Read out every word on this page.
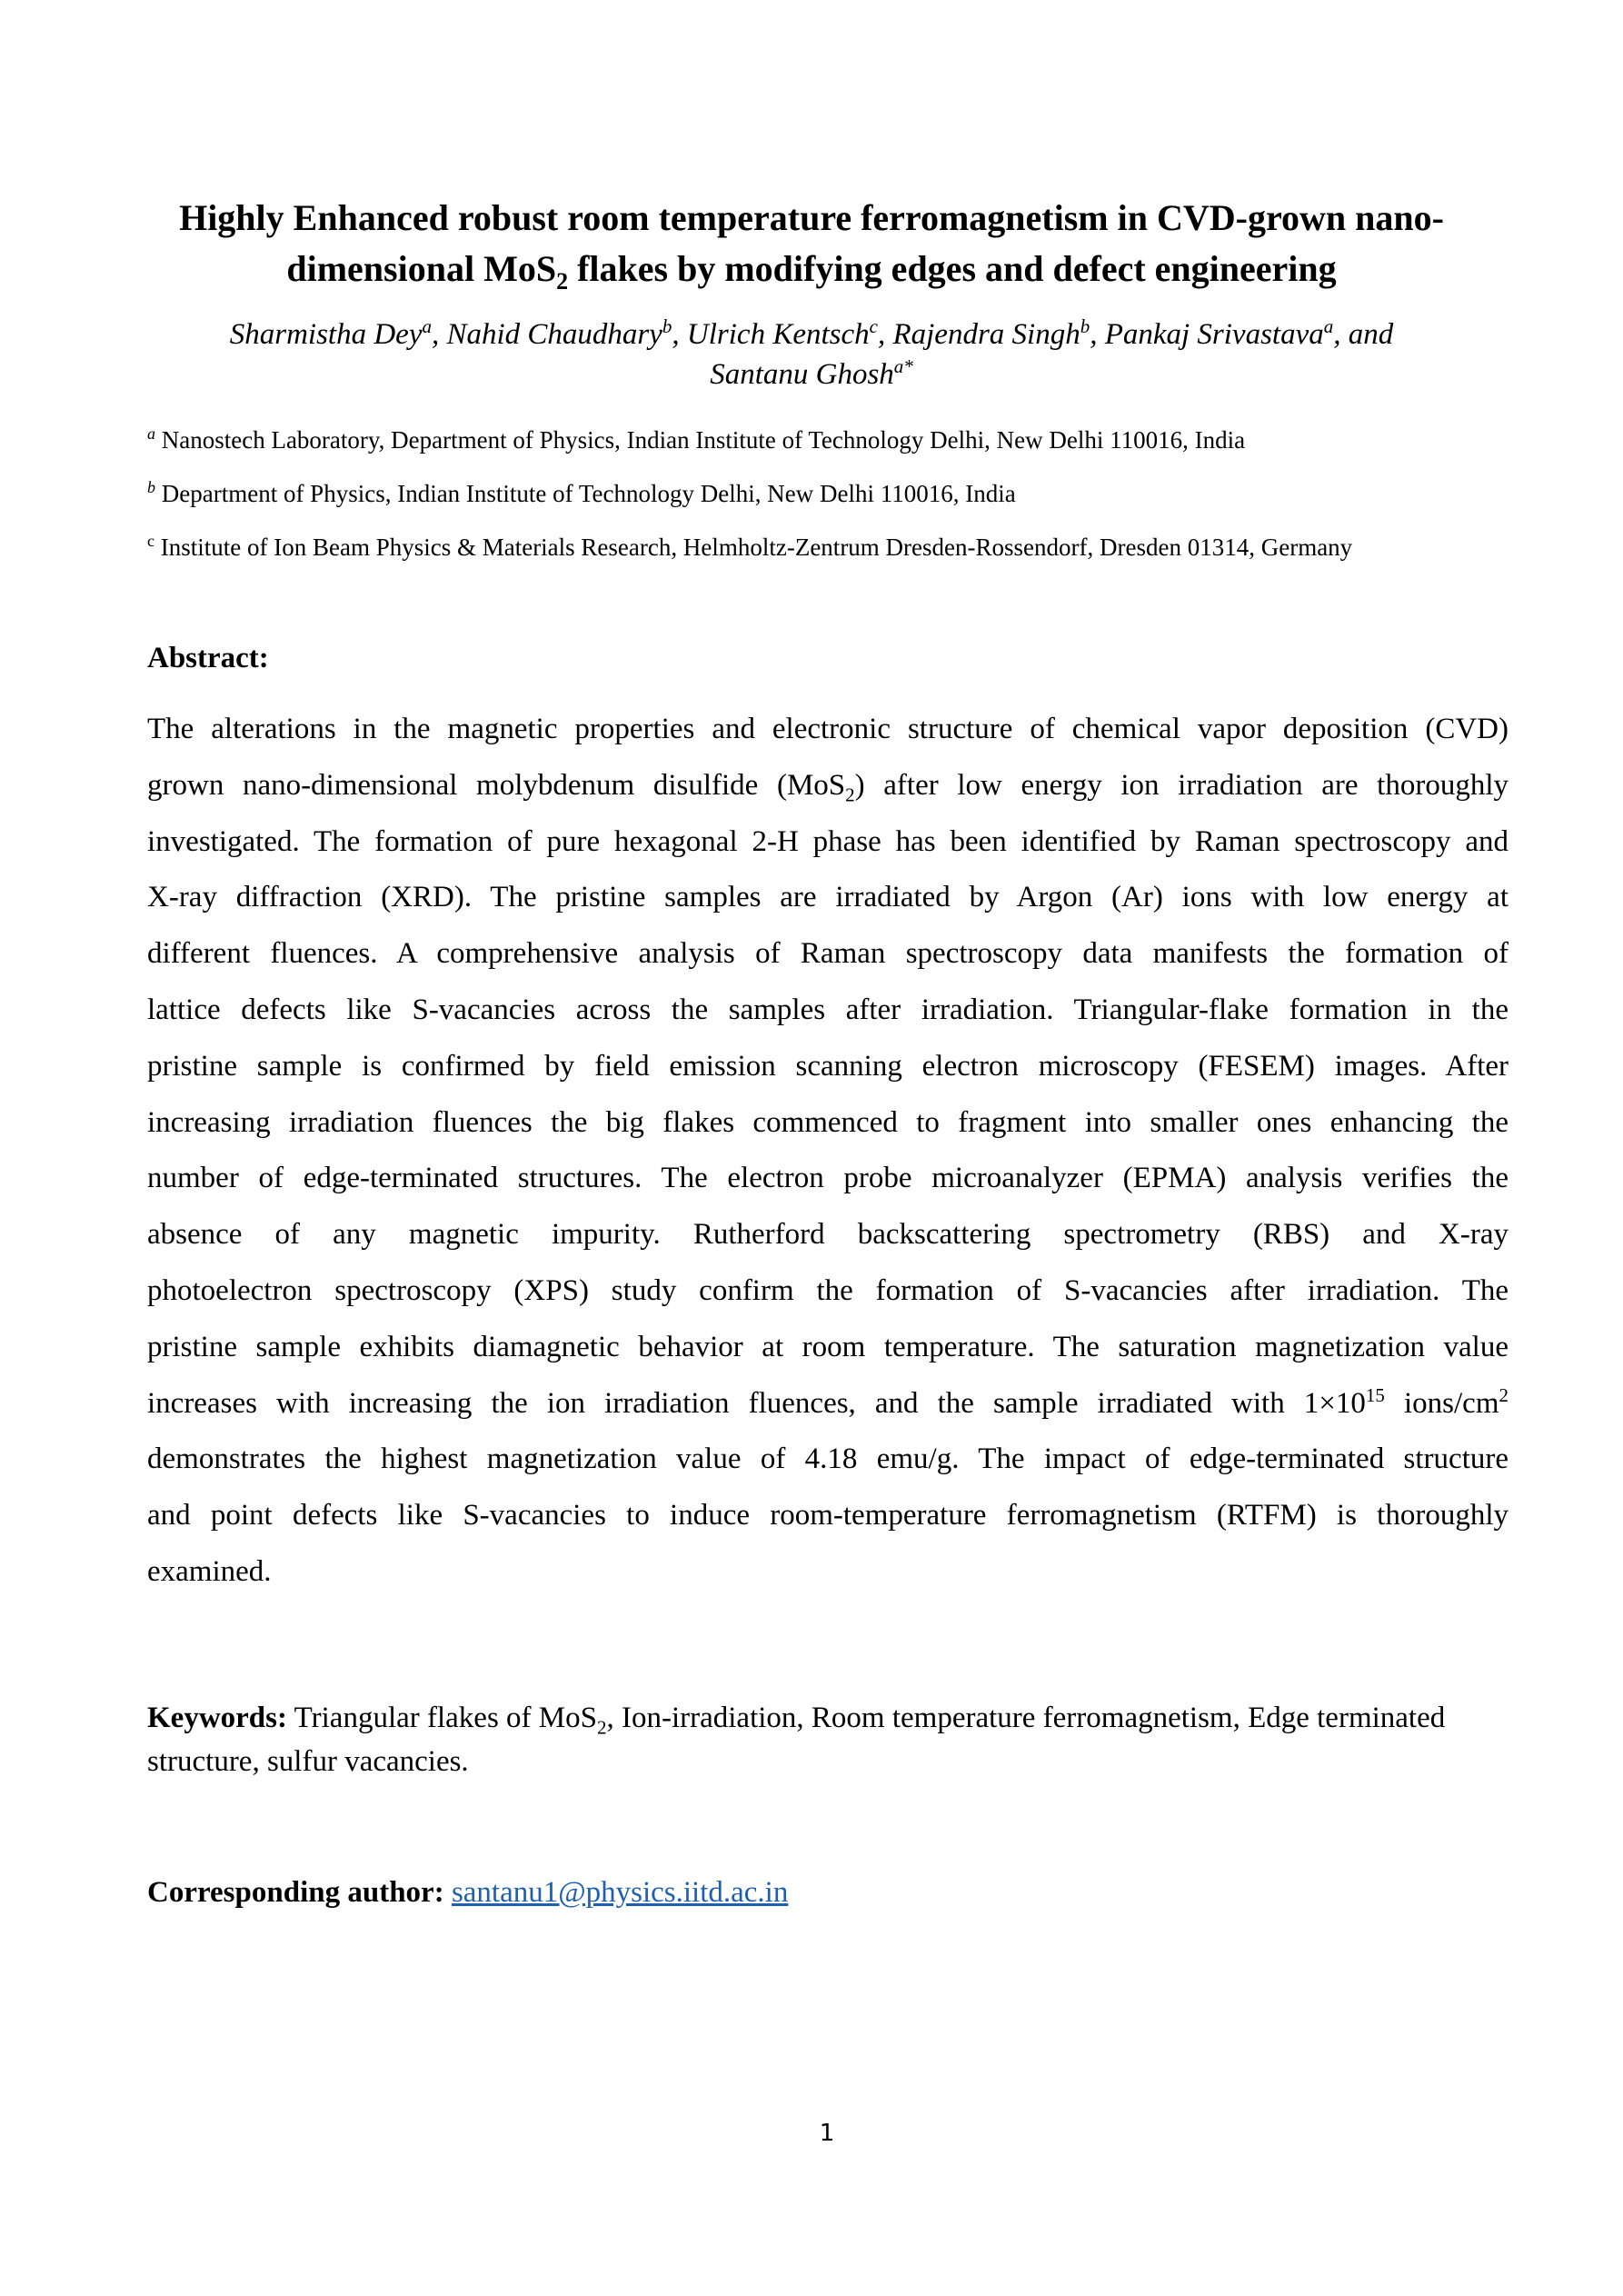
Highly Enhanced robust room temperature ferromagnetism in CVD-grown nano-
dimensional MoS$_2$ flakes by modifying edges and defect engineering
Sharmistha Dey$^a$, Nahid Chaudhary$^b$, Ulrich Kentsch$^c$, Rajendra Singh$^b$, Pankaj Srivastava$^a$, and
Santanu Ghosh$^{a*}$
$^a$ Nanostech Laboratory, Department of Physics, Indian Institute of Technology Delhi, New Delhi 110016, India
$^b$ Department of Physics, Indian Institute of Technology Delhi, New Delhi 110016, India
$^c$ Institute of Ion Beam Physics & Materials Research, Helmholtz-Zentrum Dresden-Rossendorf, Dresden 01314, Germany
Abstract:
The alterations in the magnetic properties and electronic structure of chemical vapor deposition (CVD)
grown nano-dimensional molybdenum disulfide (MoS$_2$) after low energy ion irradiation are thoroughly
investigated. The formation of pure hexagonal 2-H phase has been identified by Raman spectroscopy and
X-ray diffraction (XRD). The pristine samples are irradiated by Argon (Ar) ions with low energy at
different fluences. A comprehensive analysis of Raman spectroscopy data manifests the formation of
lattice defects like S-vacancies across the samples after irradiation. Triangular-flake formation in the
pristine sample is confirmed by field emission scanning electron microscopy (FESEM) images. After
increasing irradiation fluences the big flakes commenced to fragment into smaller ones enhancing the
number of edge-terminated structures. The electron probe microanalyzer (EPMA) analysis verifies the
absence of any magnetic impurity. Rutherford backscattering spectrometry (RBS) and X-ray
photoelectron spectroscopy (XPS) study confirm the formation of S-vacancies after irradiation. The
pristine sample exhibits diamagnetic behavior at room temperature. The saturation magnetization value
increases with increasing the ion irradiation fluences, and the sample irradiated with $1\times 10^{15}$ ions/$cm^2$
demonstrates the highest magnetization value of 4.18 emu/g. The impact of edge-terminated structure
and point defects like S-vacancies to induce room-temperature ferromagnetism (RTFM) is thoroughly
examined.
Keywords: Triangular flakes of MoS$_2$, Ion-irradiation, Room temperature ferromagnetism, Edge terminated structure, sulfur vacancies.
Corresponding author: santanu1@physics.iitd.ac.in
1
